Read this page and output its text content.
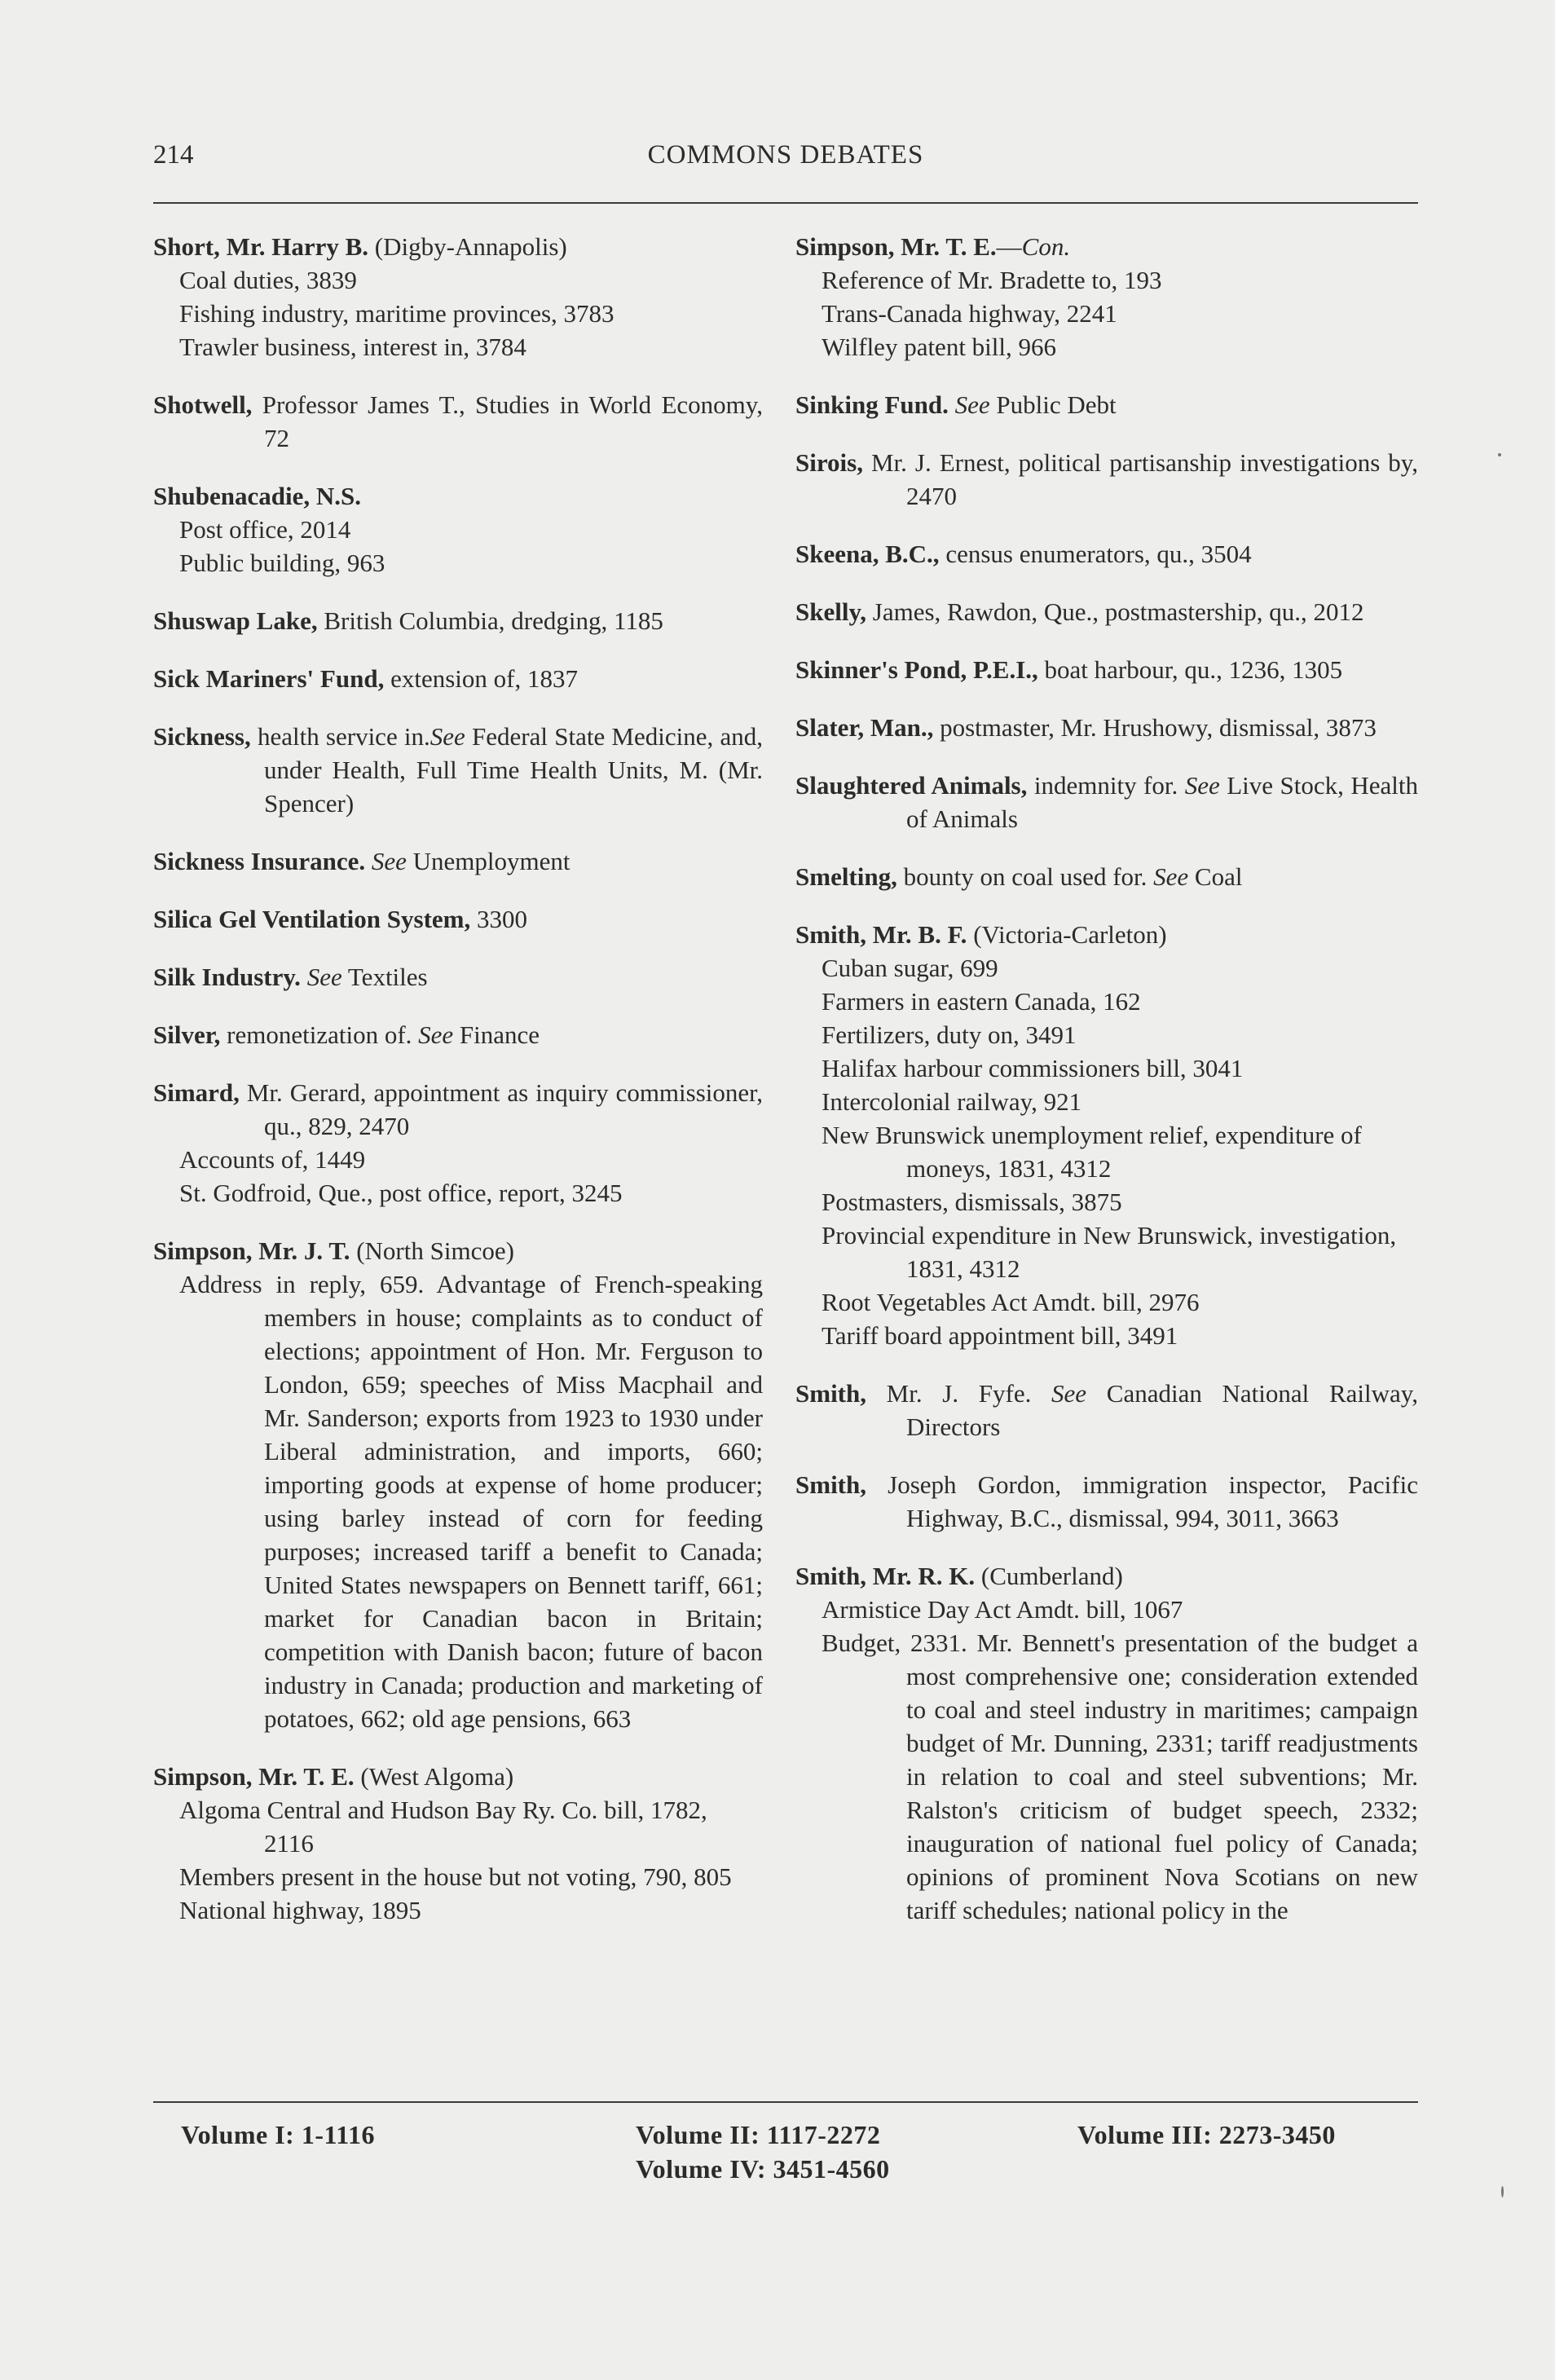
214	COMMONS DEBATES
Short, Mr. Harry B. (Digby-Annapolis)
Coal duties, 3839
Fishing industry, maritime provinces, 3783
Trawler business, interest in, 3784
Shotwell, Professor James T., Studies in World Economy, 72
Shubenacadie, N.S.
Post office, 2014
Public building, 963
Shuswap Lake, British Columbia, dredging, 1185
Sick Mariners' Fund, extension of, 1837
Sickness, health service in.See Federal State Medicine, and, under Health, Full Time Health Units, M. (Mr. Spencer)
Sickness Insurance. See Unemployment
Silica Gel Ventilation System, 3300
Silk Industry. See Textiles
Silver, remonetization of. See Finance
Simard, Mr. Gerard, appointment as inquiry commissioner, qu., 829, 2470
Accounts of, 1449
St. Godfroid, Que., post office, report, 3245
Simpson, Mr. J. T. (North Simcoe)
Address in reply, 659. Advantage of French-speaking members in house; complaints as to conduct of elections; appointment of Hon. Mr. Ferguson to London, 659; speeches of Miss Macphail and Mr. Sanderson; exports from 1923 to 1930 under Liberal administration, and imports, 660; importing goods at expense of home producer; using barley instead of corn for feeding purposes; increased tariff a benefit to Canada; United States newspapers on Bennett tariff, 661; market for Canadian bacon in Britain; competition with Danish bacon; future of bacon industry in Canada; production and marketing of potatoes, 662; old age pensions, 663
Simpson, Mr. T. E. (West Algoma)
Algoma Central and Hudson Bay Ry. Co. bill, 1782, 2116
Members present in the house but not voting, 790, 805
National highway, 1895
Simpson, Mr. T. E.—Con.
Reference of Mr. Bradette to, 193
Trans-Canada highway, 2241
Wilfley patent bill, 966
Sinking Fund. See Public Debt
Sirois, Mr. J. Ernest, political partisanship investigations by, 2470
Skeena, B.C., census enumerators, qu., 3504
Skelly, James, Rawdon, Que., postmastership, qu., 2012
Skinner's Pond, P.E.I., boat harbour, qu., 1236, 1305
Slater, Man., postmaster, Mr. Hrushowy, dismissal, 3873
Slaughtered Animals, indemnity for. See Live Stock, Health of Animals
Smelting, bounty on coal used for. See Coal
Smith, Mr. B. F. (Victoria-Carleton)
Cuban sugar, 699
Farmers in eastern Canada, 162
Fertilizers, duty on, 3491
Halifax harbour commissioners bill, 3041
Intercolonial railway, 921
New Brunswick unemployment relief, expenditure of moneys, 1831, 4312
Postmasters, dismissals, 3875
Provincial expenditure in New Brunswick, investigation, 1831, 4312
Root Vegetables Act Amdt. bill, 2976
Tariff board appointment bill, 3491
Smith, Mr. J. Fyfe. See Canadian National Railway, Directors
Smith, Joseph Gordon, immigration inspector, Pacific Highway, B.C., dismissal, 994, 3011, 3663
Smith, Mr. R. K. (Cumberland)
Armistice Day Act Amdt. bill, 1067
Budget, 2331. Mr. Bennett's presentation of the budget a most comprehensive one; consideration extended to coal and steel industry in maritimes; campaign budget of Mr. Dunning, 2331; tariff readjustments in relation to coal and steel subventions; Mr. Ralston's criticism of budget speech, 2332; inauguration of national fuel policy of Canada; opinions of prominent Nova Scotians on new tariff schedules; national policy in the
Volume I: 1-1116	Volume II: 1117-2272
Volume IV: 3451-4560
Volume III: 2273-3450
